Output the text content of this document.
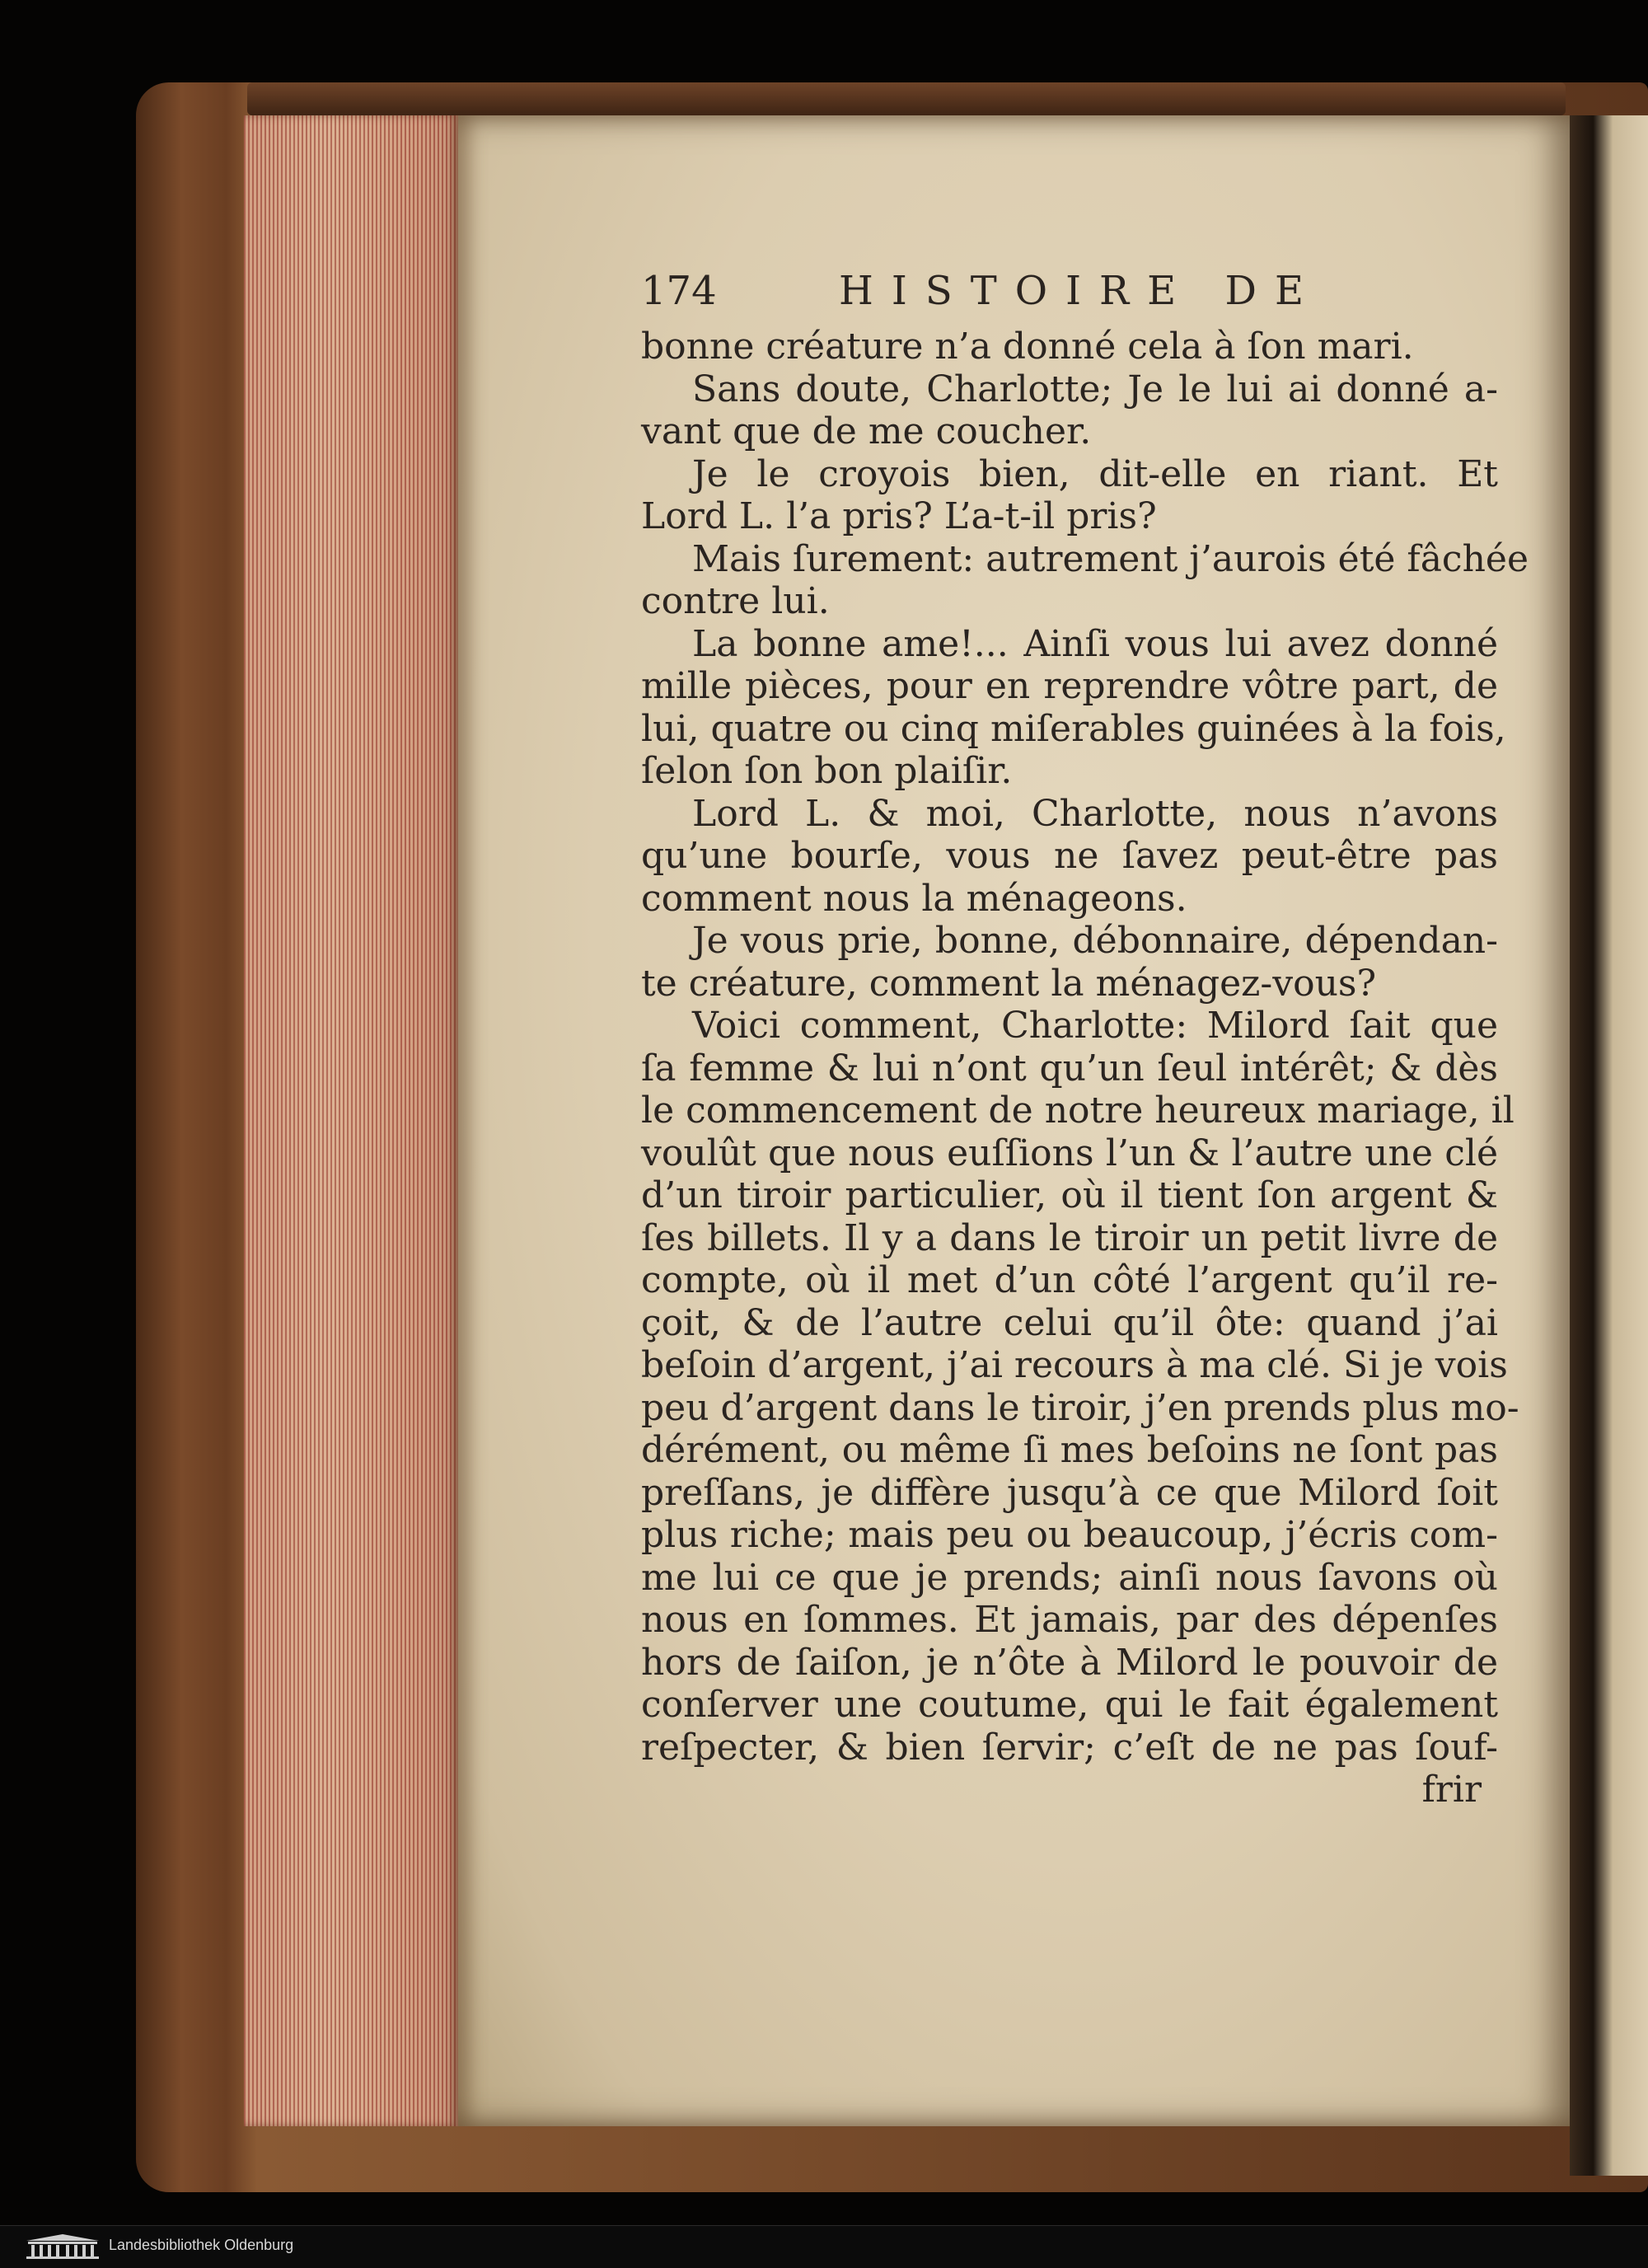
174	HISTOIRE DE
bonne créature n’a donné cela à ſon mari.
Sans doute, Charlotte; Je le lui ai donné a-
vant que de me coucher.
Je le croyois bien, dit-elle en riant. Et
Lord L. l’a pris? L’a-t-il pris?
Mais ſurement: autrement j’aurois été fâchée
contre lui.
La bonne ame!... Ainſi vous lui avez donné
mille pièces, pour en reprendre vôtre part, de
lui, quatre ou cinq miſerables guinées à la fois,
ſelon ſon bon plaiſir.
Lord L. & moi, Charlotte, nous n’avons
qu’une bourſe, vous ne ſavez peut-être pas
comment nous la ménageons.
Je vous prie, bonne, débonnaire, dépendan-
te créature, comment la ménagez-vous?
Voici comment, Charlotte: Milord ſait que
ſa femme & lui n’ont qu’un ſeul intérêt; & dès
le commencement de notre heureux mariage, il
voulût que nous euſſions l’un & l’autre une clé
d’un tiroir particulier, où il tient ſon argent &
ſes billets. Il y a dans le tiroir un petit livre de
compte, où il met d’un côté l’argent qu’il re-
çoit, & de l’autre celui qu’il ôte: quand j’ai
beſoin d’argent, j’ai recours à ma clé. Si je vois
peu d’argent dans le tiroir, j’en prends plus mo-
dérément, ou même ſi mes beſoins ne ſont pas
preſſans, je diffère jusqu’à ce que Milord ſoit
plus riche; mais peu ou beaucoup, j’écris com-
me lui ce que je prends; ainſi nous ſavons où
nous en ſommes. Et jamais, par des dépenſes
hors de ſaiſon, je n’ôte à Milord le pouvoir de
conſerver une coutume, qui le fait également
reſpecter, & bien ſervir; c’eſt de ne pas ſouf-
frir
Landesbibliothek Oldenburg
